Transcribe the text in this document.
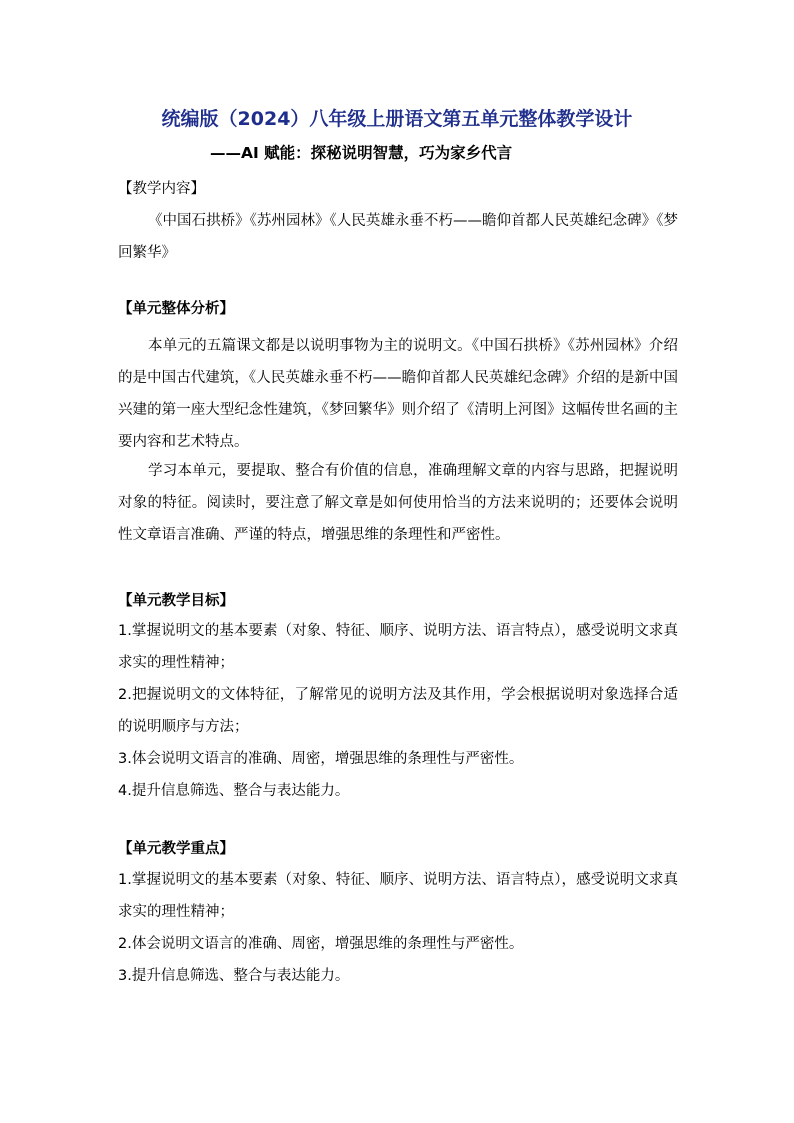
统编版（2024）八年级上册语文第五单元整体教学设计
——AI 赋能：探秘说明智慧，巧为家乡代言
【教学内容】
《中国石拱桥》《苏州园林》《人民英雄永垂不朽——瞻仰首都人民英雄纪念碑》《梦回繁华》
【单元整体分析】
本单元的五篇课文都是以说明事物为主的说明文。《中国石拱桥》《苏州园林》介绍的是中国古代建筑，《人民英雄永垂不朽——瞻仰首都人民英雄纪念碑》介绍的是新中国兴建的第一座大型纪念性建筑，《梦回繁华》则介绍了《清明上河图》这幅传世名画的主要内容和艺术特点。
学习本单元，要提取、整合有价值的信息，准确理解文章的内容与思路，把握说明对象的特征。阅读时，要注意了解文章是如何使用恰当的方法来说明的；还要体会说明性文章语言准确、严谨的特点，增强思维的条理性和严密性。
【单元教学目标】
1.掌握说明文的基本要素（对象、特征、顺序、说明方法、语言特点），感受说明文求真求实的理性精神；
2.把握说明文的文体特征，了解常见的说明方法及其作用，学会根据说明对象选择合适的说明顺序与方法；
3.体会说明文语言的准确、周密，增强思维的条理性与严密性。
4.提升信息筛选、整合与表达能力。
【单元教学重点】
1.掌握说明文的基本要素（对象、特征、顺序、说明方法、语言特点），感受说明文求真求实的理性精神；
2.体会说明文语言的准确、周密，增强思维的条理性与严密性。
3.提升信息筛选、整合与表达能力。
